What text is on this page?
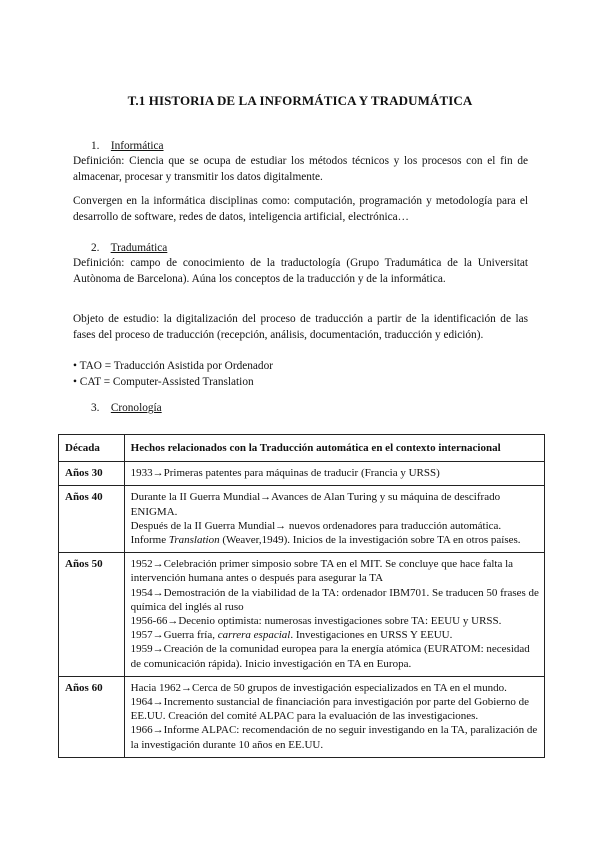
T.1 HISTORIA DE LA INFORMÁTICA Y TRADUMÁTICA
1. Informática
Definición: Ciencia que se ocupa de estudiar los métodos técnicos y los procesos con el fin de almacenar, procesar y transmitir los datos digitalmente.
Convergen en la informática disciplinas como: computación, programación y metodología para el desarrollo de software, redes de datos, inteligencia artificial, electrónica…
2. Tradumática
Definición: campo de conocimiento de la traductología (Grupo Tradumática de la Universitat Autònoma de Barcelona). Aúna los conceptos de la traducción y de la informática.
Objeto de estudio: la digitalización del proceso de traducción a partir de la identificación de las fases del proceso de traducción (recepción, análisis, documentación, traducción y edición).
• TAO = Traducción Asistida por Ordenador
• CAT = Computer-Assisted Translation
3. Cronología
Década	Hechos relacionados con la Traducción automática en el contexto internacional
Años 30	1933→Primeras patentes para máquinas de traducir (Francia y URSS)

Años 40	Durante la II Guerra Mundial→Avances de Alan Turing y su máquina de descifrado ENIGMA.
Después de la II Guerra Mundial→ nuevos ordenadores para traducción automática.
Informe Translation (Weaver,1949). Inicios de la investigación sobre TA en otros países.

Años 50	1952→Celebración primer simposio sobre TA en el MIT. Se concluye que hace falta la intervención humana antes o después para asegurar la TA
1954→Demostración de la viabilidad de la TA: ordenador IBM701. Se traducen 50 frases de química del inglés al ruso
1956-66→Decenio optimista: numerosas investigaciones sobre TA: EEUU y URSS.
1957→Guerra fría, carrera espacial. Investigaciones en URSS Y EEUU.
1959→Creación de la comunidad europea para la energía atómica (EURATOM: necesidad de comunicación rápida). Inicio investigación en TA en Europa.

Años 60	Hacia 1962→Cerca de 50 grupos de investigación especializados en TA en el mundo.
1964→Incremento sustancial de financiación para investigación por parte del Gobierno de EE.UU. Creación del comité ALPAC para la evaluación de las investigaciones.
1966→Informe ALPAC: recomendación de no seguir investigando en la TA, paralización de la investigación durante 10 años en EE.UU.
